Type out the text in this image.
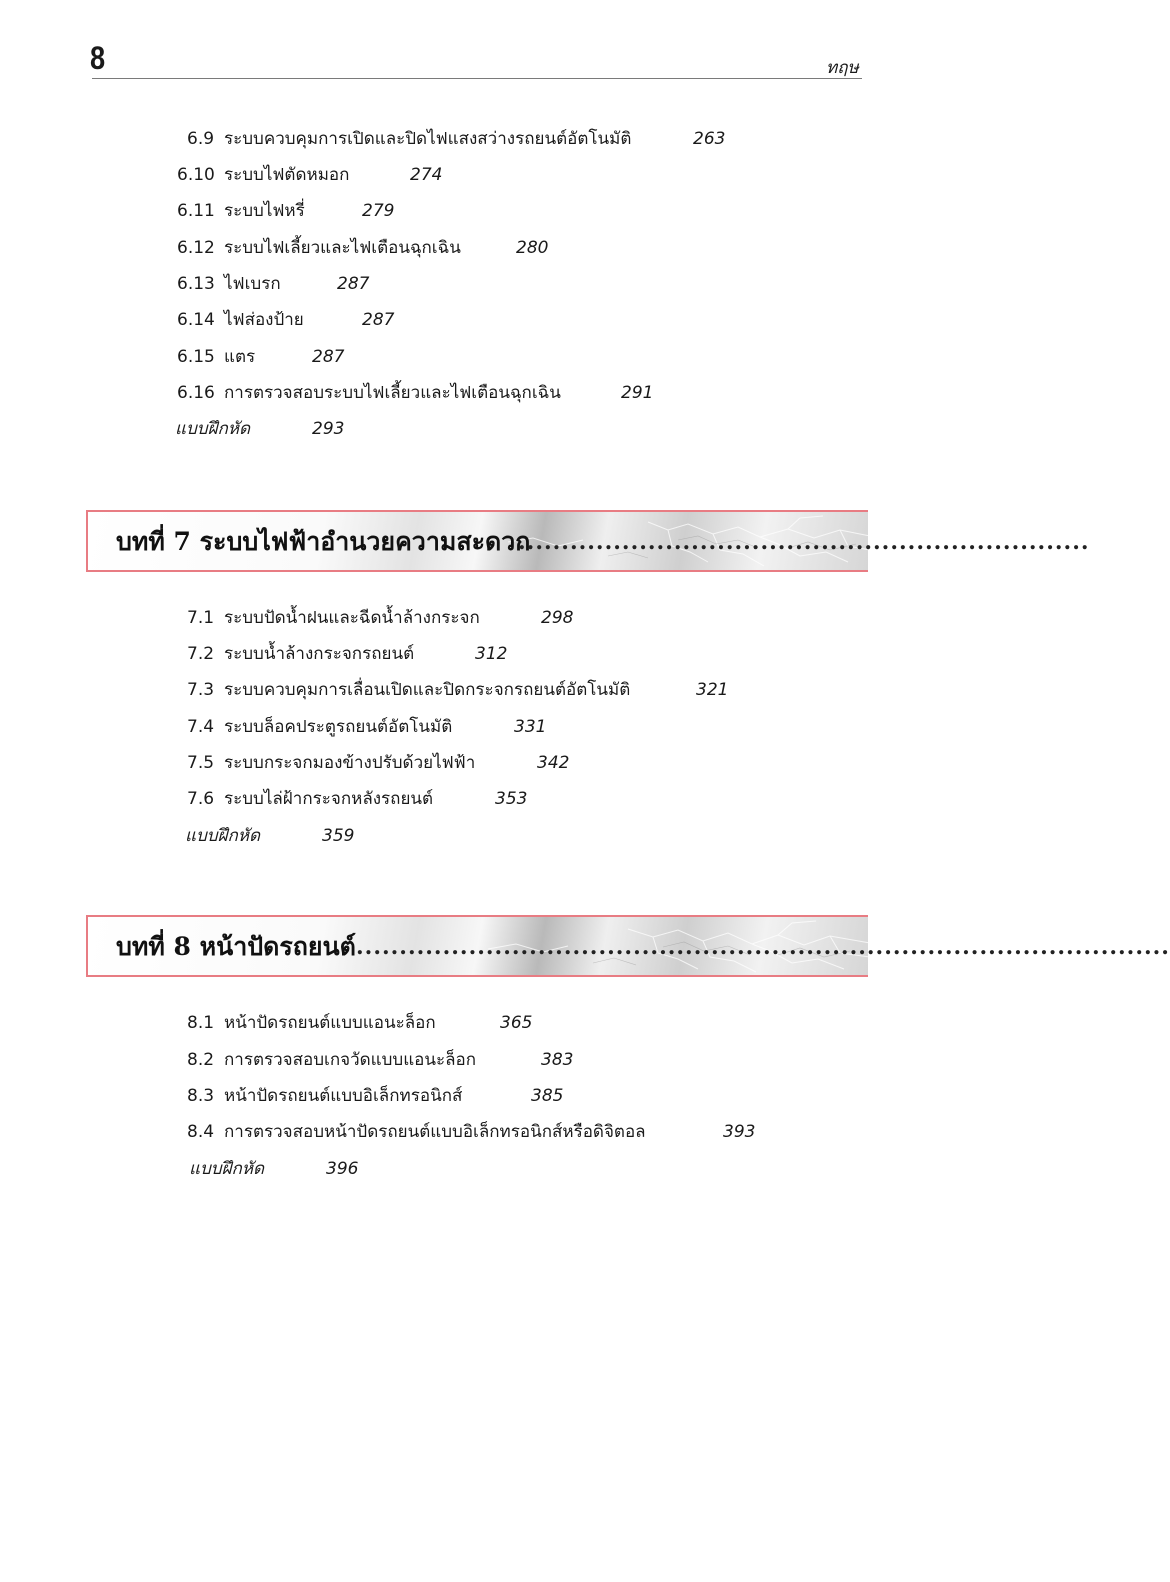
8	ทฤษ
6.9 ระบบควบคุมการเปิดและปิดไฟแสงสว่างรถยนต์อัตโนมัติ	263
6.10 ระบบไฟตัดหมอก	274
6.11 ระบบไฟหรี่	279
6.12 ระบบไฟเลี้ยวและไฟเตือนฉุกเฉิน	280
6.13 ไฟเบรก	287
6.14 ไฟส่องป้าย	287
6.15 แตร	287
6.16 การตรวจสอบระบบไฟเลี้ยวและไฟเตือนฉุกเฉิน	291
แบบฝึกหัด	293
บทที่ 7 ระบบไฟฟ้าอำนวยความสะดวก
..................................................................
7.1 ระบบปัดน้ำฝนและฉีดน้ำล้างกระจก	298
7.2 ระบบน้ำล้างกระจกรถยนต์	312
7.3 ระบบควบคุมการเลื่อนเปิดและปิดกระจกรถยนต์อัตโนมัติ	321
7.4 ระบบล็อคประตูรถยนต์อัตโนมัติ	331
7.5 ระบบกระจกมองข้างปรับด้วยไฟฟ้า	342
7.6 ระบบไล่ฝ้ากระจกหลังรถยนต์	353
แบบฝึกหัด	359
บทที่ 8 หน้าปัดรถยนต์ ..............................................................................................
8.1 หน้าปัดรถยนต์แบบแอนะล็อก	365
8.2 การตรวจสอบเกจวัดแบบแอนะล็อก	383
8.3 หน้าปัดรถยนต์แบบอิเล็กทรอนิกส์	385
8.4 การตรวจสอบหน้าปัดรถยนต์แบบอิเล็กทรอนิกส์หรือดิจิตอล	393
แบบฝึกหัด	396
